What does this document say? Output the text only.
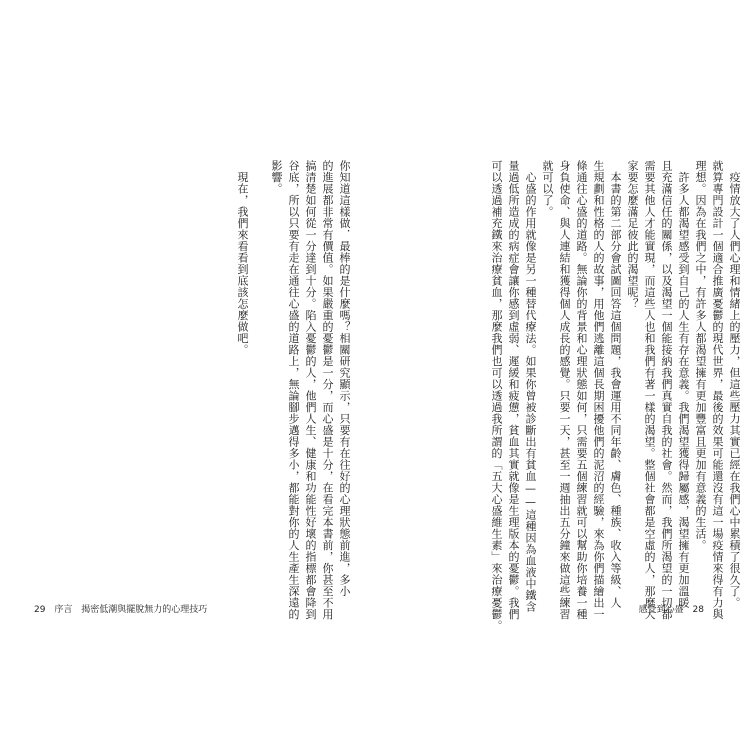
你知道這樣做．最棒的是什麼嗎？相關研究顯示，只要有在往好的心理狀態前進，多小

的進展都非常有價值。如果嚴重的憂鬱是一分，而心盛是十分，在看完本書前，你甚至不用

搞清楚如何從一分達到十分。陷入憂鬱的人，他們人生、健康和功能性好壞的指標都會降到

谷底，所以只要有走在通往心盛的道路上，無論腳步邁得多小，都能對你的人生產生深遠的

影響。

　現在，我們來看看到底該怎麼做吧。	　疫情放大了人們心理和情緒上的壓力，但這些壓力其實已經在我們心中累積了很久了。

就算專門設計一個適合推廣憂鬱的現代世界，最後的效果可能還沒有這一場疫情來得有力與

理想。因為在我們之中，有許多人都渴望擁有更加豐富且更加有意義的生活。

　許多人都渴望感受到自己的人生有存在意義。我們渴望獲得歸屬感，渴望擁有更加溫暖

且充滿信任的關係，以及渴望一個能接納我們真實自我的社會。然而，我們所渴望的一切都

需要其他人才能實現，而這些人也和我們有著一樣的渴望。整個社會都是空虛的人，那麼大

家要怎麼滿足彼此的渴望呢？

　本書的第二部分會試圖回答這個問題，我會運用不同年齡、膚色、種族、收入等級、人

生規劃和性格的人的故事，用他們逃離這個長期困擾他們的泥沼的經驗，來為你們描繪出一

條通往心盛的道路。無論你的背景和心理狀態如何，只需要五個練習就可以幫助你培養一種

身負使命、與人連結和獲得個人成長的感覺。只要一天，甚至一週抽出五分鐘來做這些練習

就可以了。

　心盛的作用就像是另一種替代療法。如果你曾被診斷出有貧血——這種因為血液中鐵含

量過低所造成的病症會讓你感到虛弱、遲緩和疲憊，貧血其實就像是生理版本的憂鬱。我們

可以透過補充鐵來治療貧血，那麼我們也可以透過我所謂的「五大心盛維生素」來治療憂鬱。

29 序言 揭密低潮與擺脫無力的心理技巧	感受到心盛 28
